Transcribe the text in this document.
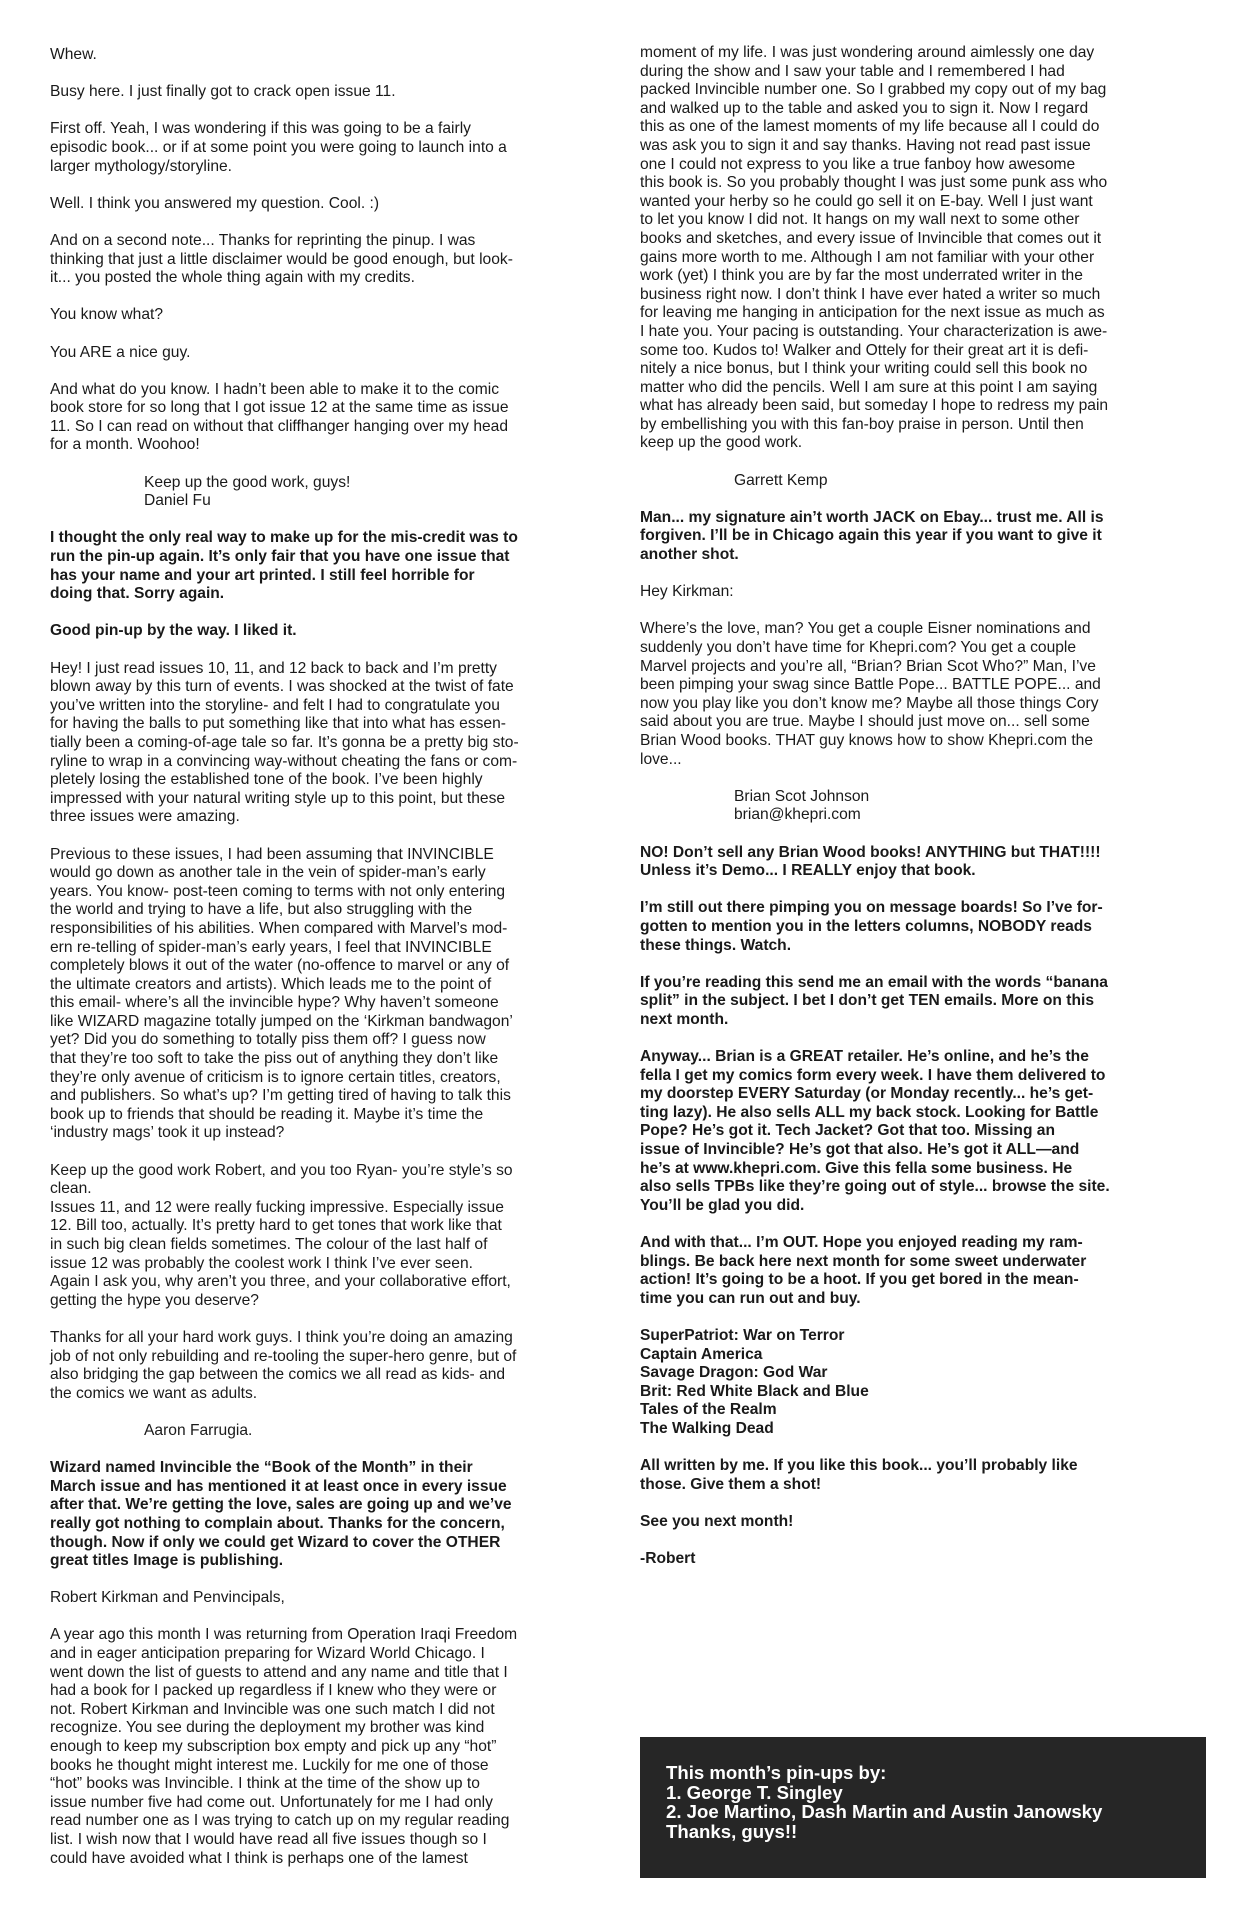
Whew.

Busy here. I just finally got to crack open issue 11.

First off. Yeah, I was wondering if this was going to be a fairly
episodic book... or if at some point you were going to launch into a
larger mythology/storyline.

Well. I think you answered my question. Cool. :)

And on a second note... Thanks for reprinting the pinup. I was
thinking that just a little disclaimer would be good enough, but look-
it... you posted the whole thing again with my credits.

You know what?

You ARE a nice guy.

And what do you know. I hadn’t been able to make it to the comic
book store for so long that I got issue 12 at the same time as issue
11. So I can read on without that cliffhanger hanging over my head
for a month. Woohoo!

Keep up the good work, guys!
Daniel Fu

I thought the only real way to make up for the mis-credit was to
run the pin-up again. It’s only fair that you have one issue that
has your name and your art printed. I still feel horrible for
doing that. Sorry again.

Good pin-up by the way. I liked it.

Hey! I just read issues 10, 11, and 12 back to back and I’m pretty
blown away by this turn of events. I was shocked at the twist of fate
you’ve written into the storyline- and felt I had to congratulate you
for having the balls to put something like that into what has essen-
tially been a coming-of-age tale so far. It’s gonna be a pretty big sto-
ryline to wrap in a convincing way-without cheating the fans or com-
pletely losing the established tone of the book. I’ve been highly
impressed with your natural writing style up to this point, but these
three issues were amazing.

Previous to these issues, I had been assuming that INVINCIBLE
would go down as another tale in the vein of spider-man’s early
years. You know- post-teen coming to terms with not only entering
the world and trying to have a life, but also struggling with the
responsibilities of his abilities. When compared with Marvel’s mod-
ern re-telling of spider-man’s early years, I feel that INVINCIBLE
completely blows it out of the water (no-offence to marvel or any of
the ultimate creators and artists). Which leads me to the point of
this email- where’s all the invincible hype? Why haven’t someone
like WIZARD magazine totally jumped on the ‘Kirkman bandwagon’
yet? Did you do something to totally piss them off? I guess now
that they’re too soft to take the piss out of anything they don’t like
they’re only avenue of criticism is to ignore certain titles, creators,
and publishers. So what’s up? I’m getting tired of having to talk this
book up to friends that should be reading it. Maybe it’s time the
‘industry mags’ took it up instead?

Keep up the good work Robert, and you too Ryan- you’re style’s so
clean.

Issues 11, and 12 were really fucking impressive. Especially issue
12. Bill too, actually. It’s pretty hard to get tones that work like that
in such big clean fields sometimes. The colour of the last half of
issue 12 was probably the coolest work I think I’ve ever seen.
Again I ask you, why aren’t you three, and your collaborative effort,
getting the hype you deserve?

Thanks for all your hard work guys. I think you’re doing an amazing
job of not only rebuilding and re-tooling the super-hero genre, but of
also bridging the gap between the comics we all read as kids- and
the comics we want as adults.

Aaron Farrugia.

Wizard named Invincible the “Book of the Month” in their
March issue and has mentioned it at least once in every issue
after that. We’re getting the love, sales are going up and we’ve
really got nothing to complain about. Thanks for the concern,
though. Now if only we could get Wizard to cover the OTHER
great titles Image is publishing.

Robert Kirkman and Penvincipals,

A year ago this month I was returning from Operation Iraqi Freedom
and in eager anticipation preparing for Wizard World Chicago. I
went down the list of guests to attend and any name and title that I
had a book for I packed up regardless if I knew who they were or
not. Robert Kirkman and Invincible was one such match I did not
recognize. You see during the deployment my brother was kind
enough to keep my subscription box empty and pick up any “hot”
books he thought might interest me. Luckily for me one of those
“hot” books was Invincible. I think at the time of the show up to
issue number five had come out. Unfortunately for me I had only
read number one as I was trying to catch up on my regular reading
list. I wish now that I would have read all five issues though so I
could have avoided what I think is perhaps one of the lamest

moment of my life. I was just wondering around aimlessly one day
during the show and I saw your table and I remembered I had
packed Invincible number one. So I grabbed my copy out of my bag
and walked up to the table and asked you to sign it. Now I regard
this as one of the lamest moments of my life because all I could do
was ask you to sign it and say thanks. Having not read past issue
one I could not express to you like a true fanboy how awesome
this book is. So you probably thought I was just some punk ass who
wanted your herby so he could go sell it on E-bay. Well I just want
to let you know I did not. It hangs on my wall next to some other
books and sketches, and every issue of Invincible that comes out it
gains more worth to me. Although I am not familiar with your other
work (yet) I think you are by far the most underrated writer in the
business right now. I don’t think I have ever hated a writer so much
for leaving me hanging in anticipation for the next issue as much as
I hate you. Your pacing is outstanding. Your characterization is awe-
some too. Kudos to! Walker and Ottely for their great art it is defi-
nitely a nice bonus, but I think your writing could sell this book no
matter who did the pencils. Well I am sure at this point I am saying
what has already been said, but someday I hope to redress my pain
by embellishing you with this fan-boy praise in person. Until then
keep up the good work.

Garrett Kemp

Man... my signature ain’t worth JACK on Ebay... trust me. All is
forgiven. I’ll be in Chicago again this year if you want to give it
another shot.

Hey Kirkman:

Where’s the love, man? You get a couple Eisner nominations and
suddenly you don’t have time for Khepri.com? You get a couple
Marvel projects and you’re all, “Brian? Brian Scot Who?” Man, I’ve
been pimping your swag since Battle Pope... BATTLE POPE... and
now you play like you don’t know me? Maybe all those things Cory
said about you are true. Maybe I should just move on... sell some
Brian Wood books. THAT guy knows how to show Khepri.com the
love...

Brian Scot Johnson
brian@khepri.com

NO! Don’t sell any Brian Wood books! ANYTHING but THAT!!!!
Unless it’s Demo... I REALLY enjoy that book.

I’m still out there pimping you on message boards! So I’ve for-
gotten to mention you in the letters columns, NOBODY reads
these things. Watch.

If you’re reading this send me an email with the words “banana
split” in the subject. I bet I don’t get TEN emails. More on this
next month.

Anyway... Brian is a GREAT retailer. He’s online, and he’s the
fella I get my comics form every week. I have them delivered to
my doorstep EVERY Saturday (or Monday recently... he’s get-
ting lazy). He also sells ALL my back stock. Looking for Battle
Pope? He’s got it. Tech Jacket? Got that too. Missing an
issue of Invincible? He’s got that also. He’s got it ALL—and
he’s at www.khepri.com. Give this fella some business. He
also sells TPBs like they’re going out of style... browse the site.
You’ll be glad you did.

And with that... I’m OUT. Hope you enjoyed reading my ram-
blings. Be back here next month for some sweet underwater
action! It’s going to be a hoot. If you get bored in the mean-
time you can run out and buy.

SuperPatriot: War on Terror
Captain America
Savage Dragon: God War
Brit: Red White Black and Blue
Tales of the Realm
The Walking Dead

All written by me. If you like this book... you’ll probably like
those. Give them a shot!

See you next month!

-Robert

This month’s pin-ups by:

1. George T. Singley

2. Joe Martino, Dash Martin and Austin Janowsky

Thanks, guys!!
